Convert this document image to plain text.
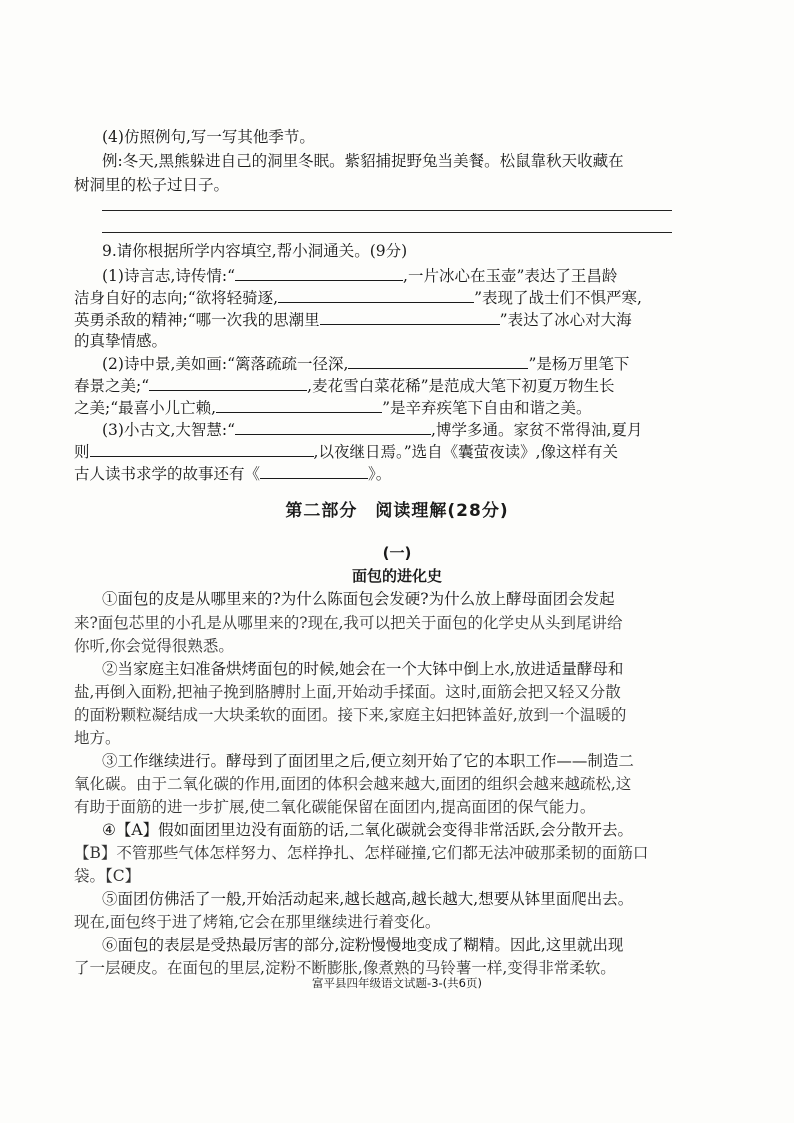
(4)仿照例句,写一写其他季节。
例:冬天,黑熊躲进自己的洞里冬眠。紫貂捕捉野兔当美餐。松鼠靠秋天收藏在
树洞里的松子过日子。
9.请你根据所学内容填空,帮小洞通关。(9分)
(1)诗言志,诗传情:“	,一片冰心在玉壶”表达了王昌龄
洁身自好的志向;“欲将轻骑逐,	”表现了战士们不惧严寒,
英勇杀敌的精神;“哪一次我的思潮里	”表达了冰心对大海
的真挚情感。
(2)诗中景,美如画:“篱落疏疏一径深,	”是杨万里笔下
春景之美;“	,麦花雪白菜花稀”是范成大笔下初夏万物生长
之美;“最喜小儿亡赖,	”是辛弃疾笔下自由和谐之美。
(3)小古文,大智慧:“	,博学多通。家贫不常得油,夏月
则	,以夜继日焉。”选自《囊萤夜读》,像这样有关
古人读书求学的故事还有《	》。
第二部分　阅读理解(28分)
(一)
面包的进化史
①面包的皮是从哪里来的?为什么陈面包会发硬?为什么放上酵母面团会发起
来?面包芯里的小孔是从哪里来的?现在,我可以把关于面包的化学史从头到尾讲给
你听,你会觉得很熟悉。
②当家庭主妇准备烘烤面包的时候,她会在一个大钵中倒上水,放进适量酵母和
盐,再倒入面粉,把袖子挽到胳膊肘上面,开始动手揉面。这时,面筋会把又轻又分散
的面粉颗粒凝结成一大块柔软的面团。接下来,家庭主妇把钵盖好,放到一个温暖的
地方。
③工作继续进行。酵母到了面团里之后,便立刻开始了它的本职工作——制造二
氧化碳。由于二氧化碳的作用,面团的体积会越来越大,面团的组织会越来越疏松,这
有助于面筋的进一步扩展,使二氧化碳能保留在面团内,提高面团的保气能力。
④【A】假如面团里边没有面筋的话,二氧化碳就会变得非常活跃,会分散开去。
【B】不管那些气体怎样努力、怎样挣扎、怎样碰撞,它们都无法冲破那柔韧的面筋口
袋。【C】
⑤面团仿佛活了一般,开始活动起来,越长越高,越长越大,想要从钵里面爬出去。
现在,面包终于进了烤箱,它会在那里继续进行着变化。
⑥面包的表层是受热最厉害的部分,淀粉慢慢地变成了糊精。因此,这里就出现
了一层硬皮。在面包的里层,淀粉不断膨胀,像煮熟的马铃薯一样,变得非常柔软。
富平县四年级语文试题-3-(共6页)
